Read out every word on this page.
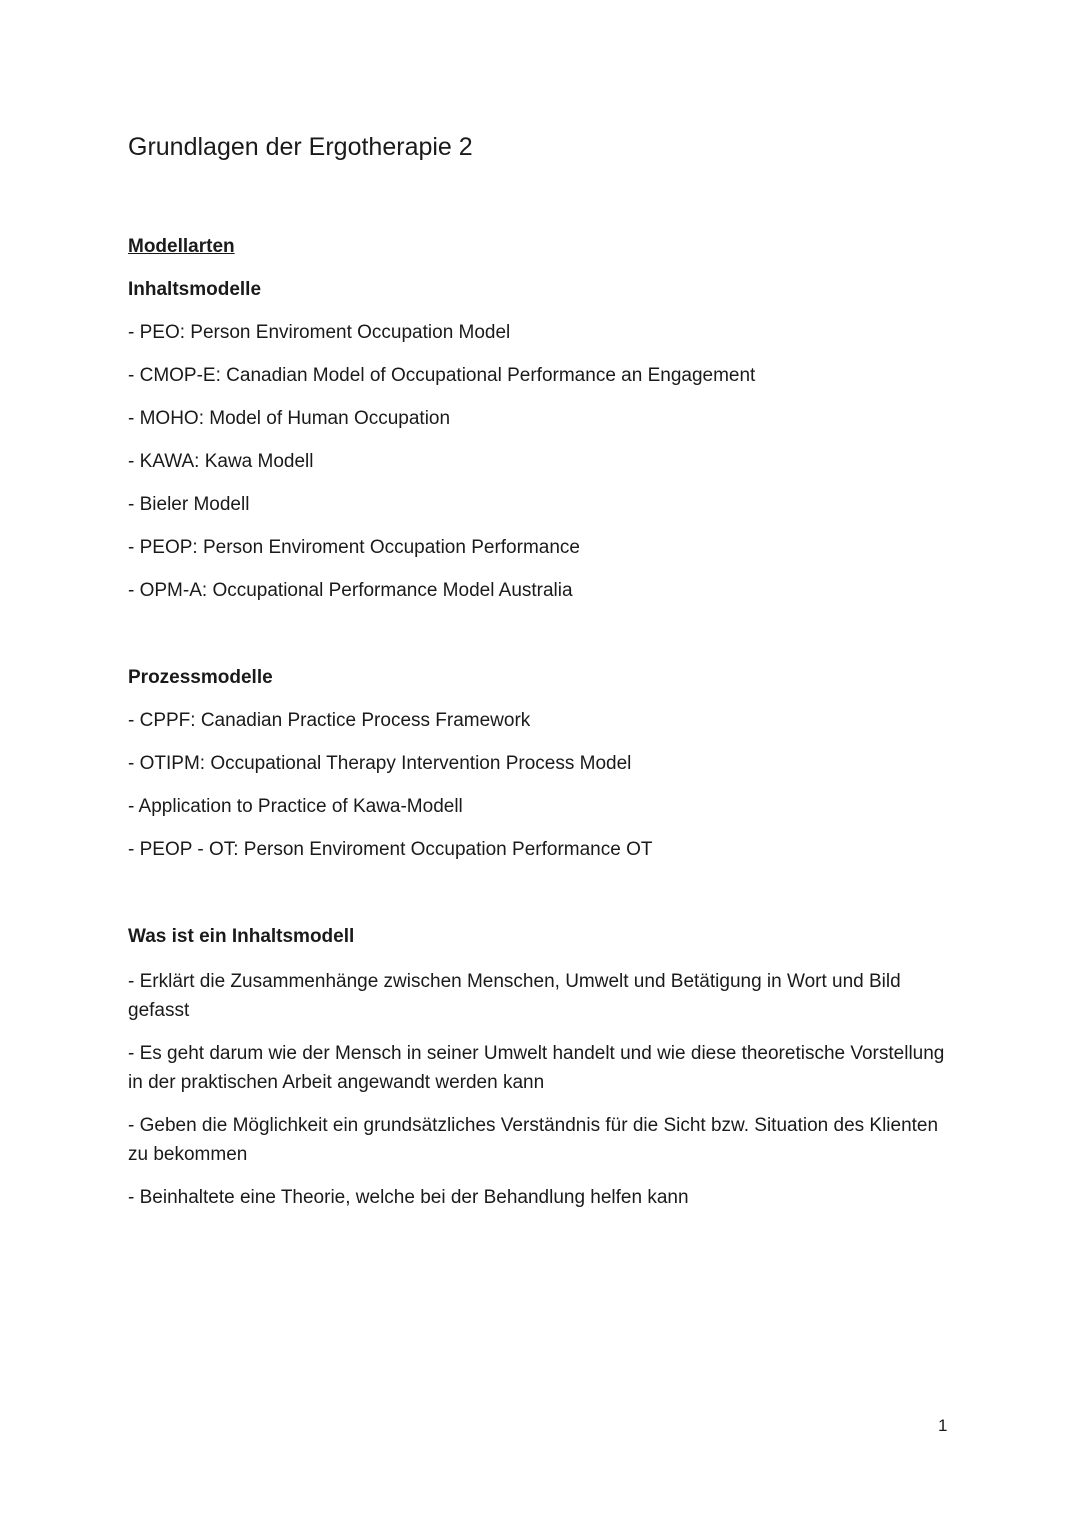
Grundlagen der Ergotherapie 2

Modellarten

Inhaltsmodelle

- PEO: Person Enviroment Occupation Model
- CMOP-E: Canadian Model of Occupational Performance an Engagement
- MOHO: Model of Human Occupation
- KAWA: Kawa Modell
- Bieler Modell
- PEOP: Person Enviroment Occupation Performance
- OPM-A: Occupational Performance Model Australia

Prozessmodelle

- CPPF: Canadian Practice Process Framework
- OTIPM: Occupational Therapy Intervention Process Model
- Application to Practice of Kawa-Modell
- PEOP - OT: Person Enviroment Occupation Performance OT

Was ist ein Inhaltsmodell

- Erklärt die Zusammenhänge zwischen Menschen, Umwelt und Betätigung in Wort und Bild gefasst
- Es geht darum wie der Mensch in seiner Umwelt handelt und wie diese theoretische Vorstellung in der praktischen Arbeit angewandt werden kann
- Geben die Möglichkeit ein grundsätzliches Verständnis für die Sicht bzw. Situation des Klienten zu bekommen
- Beinhaltete eine Theorie, welche bei der Behandlung helfen kann
1
